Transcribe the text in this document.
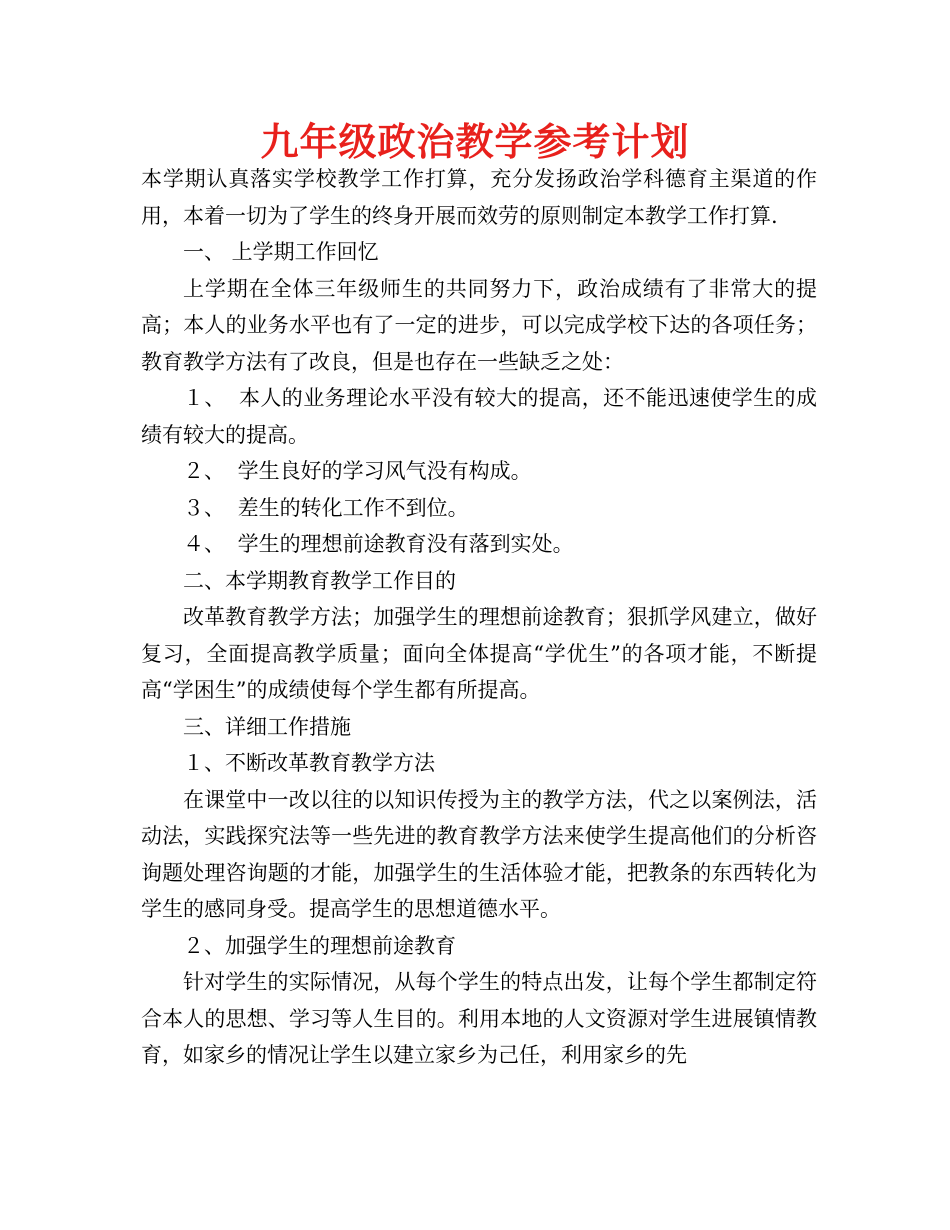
九年级政治教学参考计划

本学期认真落实学校教学工作打算，充分发扬政治学科德育主渠道的作用，本着一切为了学生的终身开展而效劳的原则制定本教学工作打算.

一、 上学期工作回忆

上学期在全体三年级师生的共同努力下，政治成绩有了非常大的提高；本人的业务水平也有了一定的进步，可以完成学校下达的各项任务；教育教学方法有了改良，但是也存在一些缺乏之处：

１、 本人的业务理论水平没有较大的提高，还不能迅速使学生的成绩有较大的提高。

２、 学生良好的学习风气没有构成。

３、 差生的转化工作不到位。

４、 学生的理想前途教育没有落到实处。

二、本学期教育教学工作目的

改革教育教学方法；加强学生的理想前途教育；狠抓学风建立，做好复习，全面提高教学质量；面向全体提高“学优生”的各项才能，不断提高“学困生”的成绩使每个学生都有所提高。

三、详细工作措施

１、不断改革教育教学方法

在课堂中一改以往的以知识传授为主的教学方法，代之以案例法，活动法，实践探究法等一些先进的教育教学方法来使学生提高他们的分析咨询题处理咨询题的才能，加强学生的生活体验才能，把教条的东西转化为学生的感同身受。提高学生的思想道德水平。

２、加强学生的理想前途教育

针对学生的实际情况，从每个学生的特点出发，让每个学生都制定符合本人的思想、学习等人生目的。利用本地的人文资源对学生进展镇情教育，如家乡的情况让学生以建立家乡为己任，利用家乡的先
